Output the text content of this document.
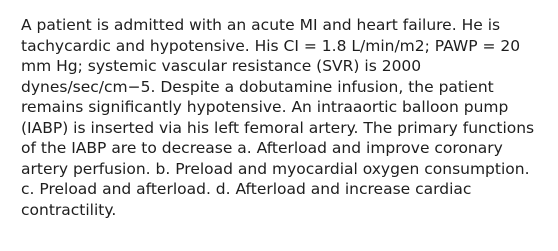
A patient is admitted with an acute MI and heart failure. He is tachycardic and hypotensive. His CI = 1.8 L/min/m2; PAWP = 20 mm Hg; systemic vascular resistance (SVR) is 2000 dynes/sec/cm−5. Despite a dobutamine infusion, the patient remains significantly hypotensive. An intraaortic balloon pump (IABP) is inserted via his left femoral artery. The primary functions of the IABP are to decrease a. Afterload and improve coronary artery perfusion. b. Preload and myocardial oxygen consumption. c. Preload and afterload. d. Afterload and increase cardiac contractility.
